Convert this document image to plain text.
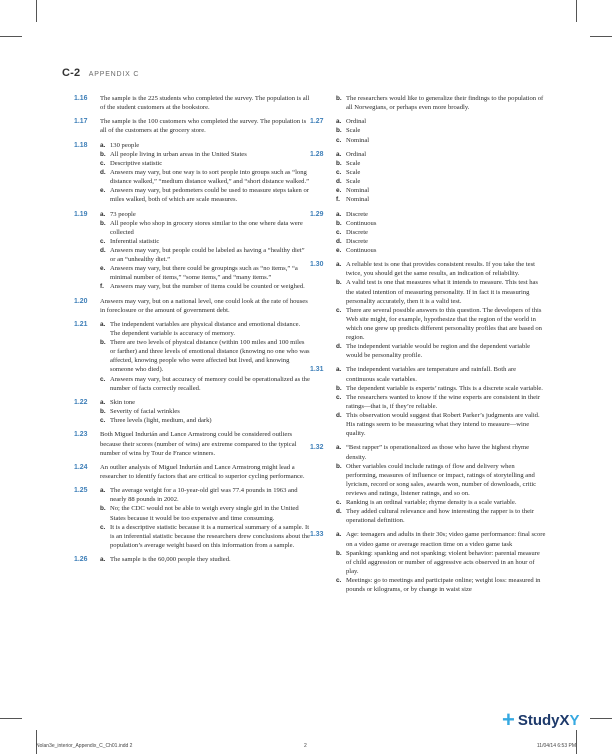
C-2 APPENDIX C
1.16 The sample is the 225 students who completed the survey. The population is all of the student customers at the bookstore.
1.17 The sample is the 100 customers who completed the survey. The population is all of the customers at the grocery store.
1.18 a. 130 people
b. All people living in urban areas in the United States
c. Descriptive statistic
d. Answers may vary, but one way is to sort people into groups such as “long distance walked,” “medium distance walked,” and “short distance walked.”
e. Answers may vary, but pedometers could be used to measure steps taken or miles walked, both of which are scale measures.
1.19 a. 73 people
b. All people who shop in grocery stores similar to the one where data were collected
c. Inferential statistic
d. Answers may vary, but people could be labeled as having a “healthy diet” or an “unhealthy diet.”
e. Answers may vary, but there could be groupings such as “no items,” “a minimal number of items,” “some items,” and “many items.”
f. Answers may vary, but the number of items could be counted or weighed.
1.20 Answers may vary, but on a national level, one could look at the rate of houses in foreclosure or the amount of government debt.
1.21 a. The independent variables are physical distance and emotional distance. The dependent variable is accuracy of memory.
b. There are two levels of physical distance (within 100 miles and 100 miles or farther) and three levels of emotional distance (knowing no one who was affected, knowing people who were affected but lived, and knowing someone who died).
c. Answers may vary, but accuracy of memory could be operationalized as the number of facts correctly recalled.
1.22 a. Skin tone
b. Severity of facial wrinkles
c. Three levels (light, medium, and dark)
1.23 Both Miguel Indurián and Lance Armstrong could be considered outliers because their scores (number of wins) are extreme compared to the typical number of wins by Tour de France winners.
1.24 An outlier analysis of Miguel Indurián and Lance Armstrong might lead a researcher to identify factors that are critical to superior cycling performance.
1.25 a. The average weight for a 10-year-old girl was 77.4 pounds in 1963 and nearly 88 pounds in 2002.
b. No; the CDC would not be able to weigh every single girl in the United States because it would be too expensive and time consuming.
c. It is a descriptive statistic because it is a numerical summary of a sample. It is an inferential statistic because the researchers drew conclusions about the population’s average weight based on this information from a sample.
1.26 a. The sample is the 60,000 people they studied.
b. The researchers would like to generalize their findings to the population of all Norwegians, or perhaps even more broadly.
1.27 a. Ordinal
b. Scale
c. Nominal
1.28 a. Ordinal
b. Scale
c. Scale
d. Scale
e. Nominal
f. Nominal
1.29 a. Discrete
b. Continuous
c. Discrete
d. Discrete
e. Continuous
1.30 a. A reliable test is one that provides consistent results. If you take the test twice, you should get the same results, an indication of reliability.
b. A valid test is one that measures what it intends to measure. This test has the stated intention of measuring personality. If in fact it is measuring personality accurately, then it is a valid test.
c. There are several possible answers to this question. The developers of this Web site might, for example, hypothesize that the region of the world in which one grew up predicts different personality profiles that are based on region.
d. The independent variable would be region and the dependent variable would be personality profile.
1.31 a. The independent variables are temperature and rainfall. Both are continuous scale variables.
b. The dependent variable is experts’ ratings. This is a discrete scale variable.
c. The researchers wanted to know if the wine experts are consistent in their ratings—that is, if they’re reliable.
d. This observation would suggest that Robert Parker’s judgments are valid. His ratings seem to be measuring what they intend to measure—wine quality.
1.32 a. “Best rapper” is operationalized as those who have the highest rhyme density.
b. Other variables could include ratings of flow and delivery when performing, measures of influence or impact, ratings of storytelling and lyricism, record or song sales, awards won, number of downloads, critic reviews and ratings, listener ratings, and so on.
c. Ranking is an ordinal variable; rhyme density is a scale variable.
d. They added cultural relevance and how interesting the rapper is to their operational definition.
1.33 a. Age: teenagers and adults in their 30s; video game performance: final score on a video game or average reaction time on a video game task
b. Spanking: spanking and not spanking; violent behavior: parental measure of child aggression or number of aggressive acts observed in an hour of play.
c. Meetings: go to meetings and participate online; weight loss: measured in pounds or kilograms, or by change in waist size
+ StudyXY
Nolan3e_interior_Appendix_C_Ch01.indd 2	2	11/04/14 6:53 PM
